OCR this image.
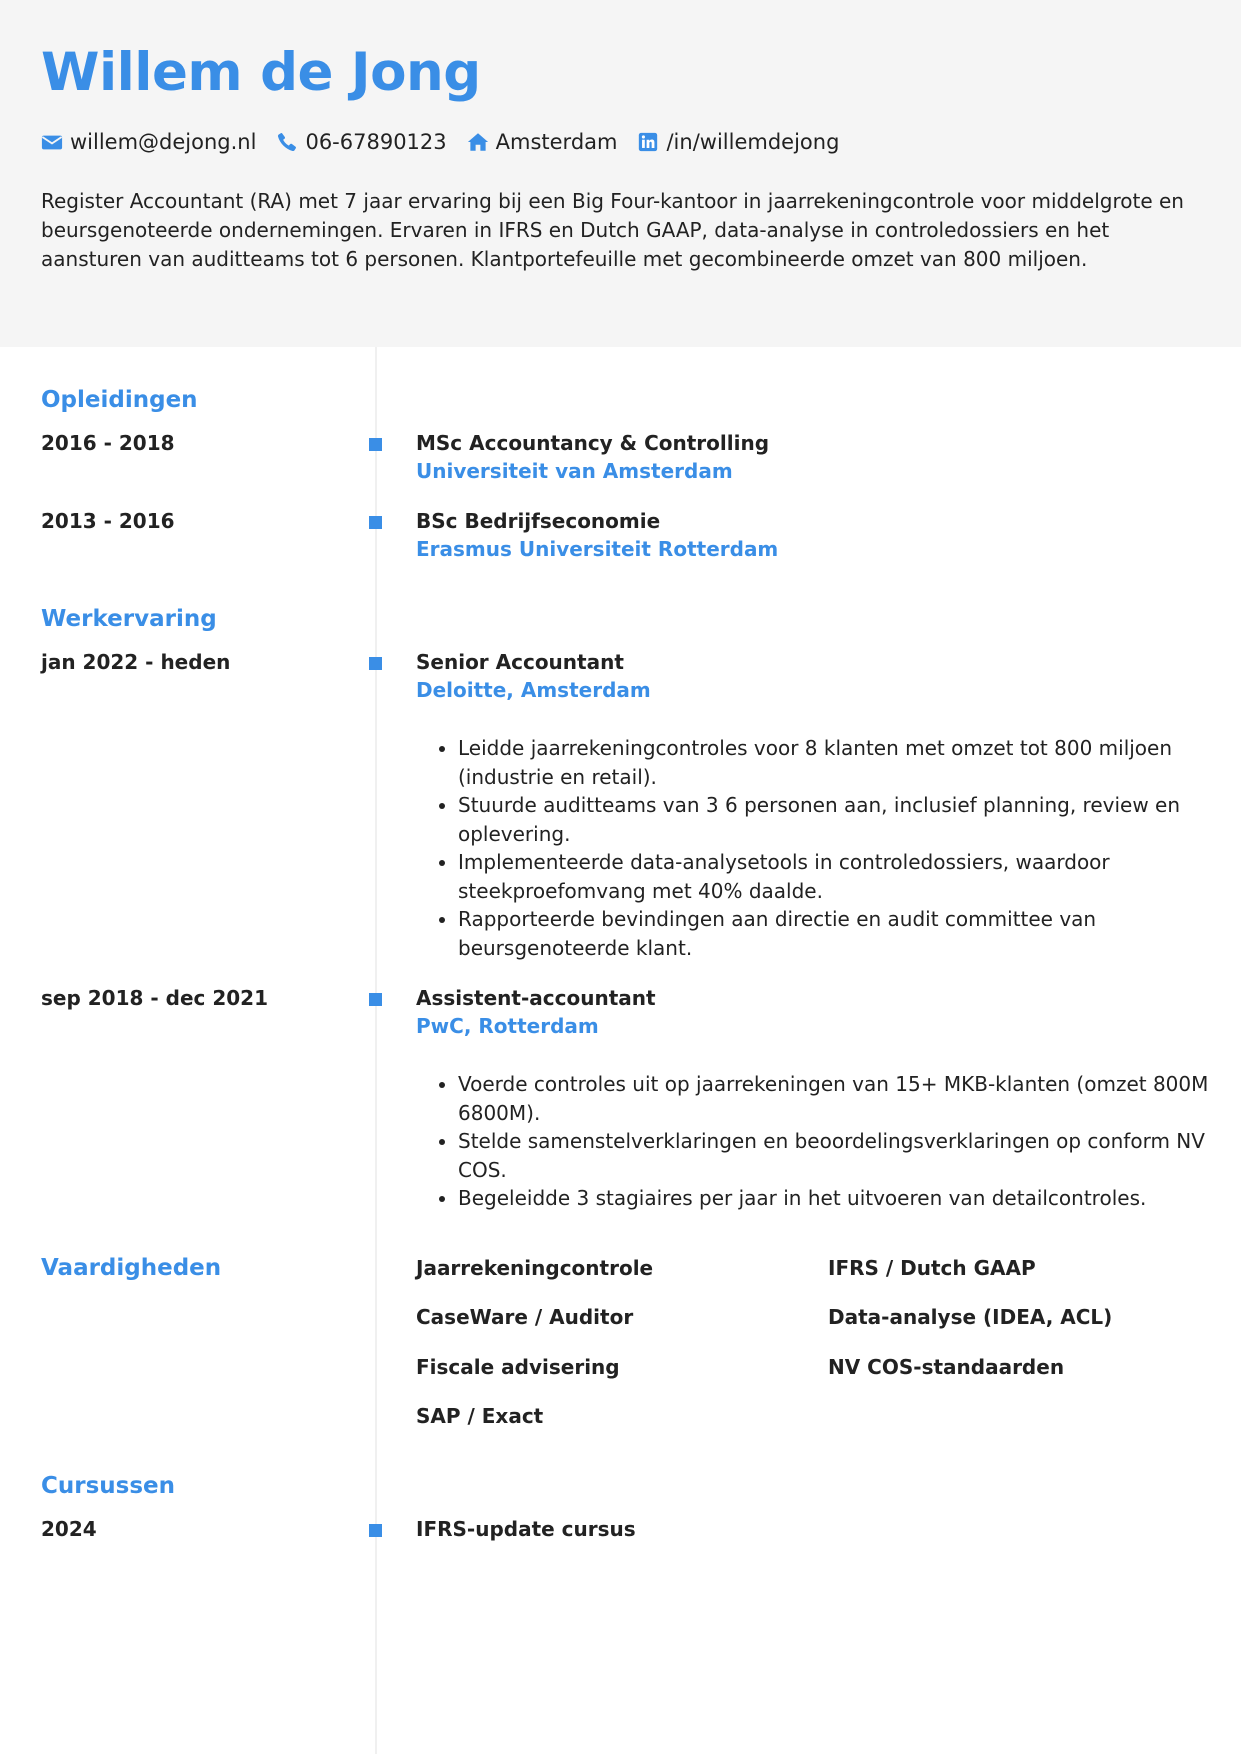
Willem de Jong
willem@dejong.nl 06-67890123 Amsterdam /in/willemdejong

Register Accountant (RA) met 7 jaar ervaring bij een Big Four-kantoor in jaarrekeningcontrole voor middelgrote en beursgenoteerde ondernemingen. Ervaren in IFRS en Dutch GAAP, data-analyse in controledossiers en het aansturen van auditteams tot 6 personen. Klantportefeuille met gecombineerde omzet van 800 miljoen.

Opleidingen
2016 - 2018	MSc Accountancy & Controlling
Universiteit van Amsterdam
2013 - 2016	BSc Bedrijfseconomie
Erasmus Universiteit Rotterdam
Werkervaring
jan 2022 - heden	Senior Accountant
Deloitte, Amsterdam
• Leidde jaarrekeningcontroles voor 8 klanten met omzet tot 800 miljoen (industrie en retail).
• Stuurde auditteams van 3 6 personen aan, inclusief planning, review en oplevering.
• Implementeerde data-analysetools in controledossiers, waardoor steekproefomvang met 40% daalde.
• Rapporteerde bevindingen aan directie en audit committee van beursgenoteerde klant.
sep 2018 - dec 2021	Assistent-accountant
PwC, Rotterdam
• Voerde controles uit op jaarrekeningen van 15+ MKB-klanten (omzet 800M 6800M).
• Stelde samenstelverklaringen en beoordelingsverklaringen op conform NV COS.
• Begeleidde 3 stagiaires per jaar in het uitvoeren van detailcontroles.
Vaardigheden	Jaarrekeningcontrole	IFRS / Dutch GAAP
CaseWare / Auditor	Data-analyse (IDEA, ACL)
Fiscale advisering	NV COS-standaarden
SAP / Exact
Cursussen
2024	IFRS-update cursus
